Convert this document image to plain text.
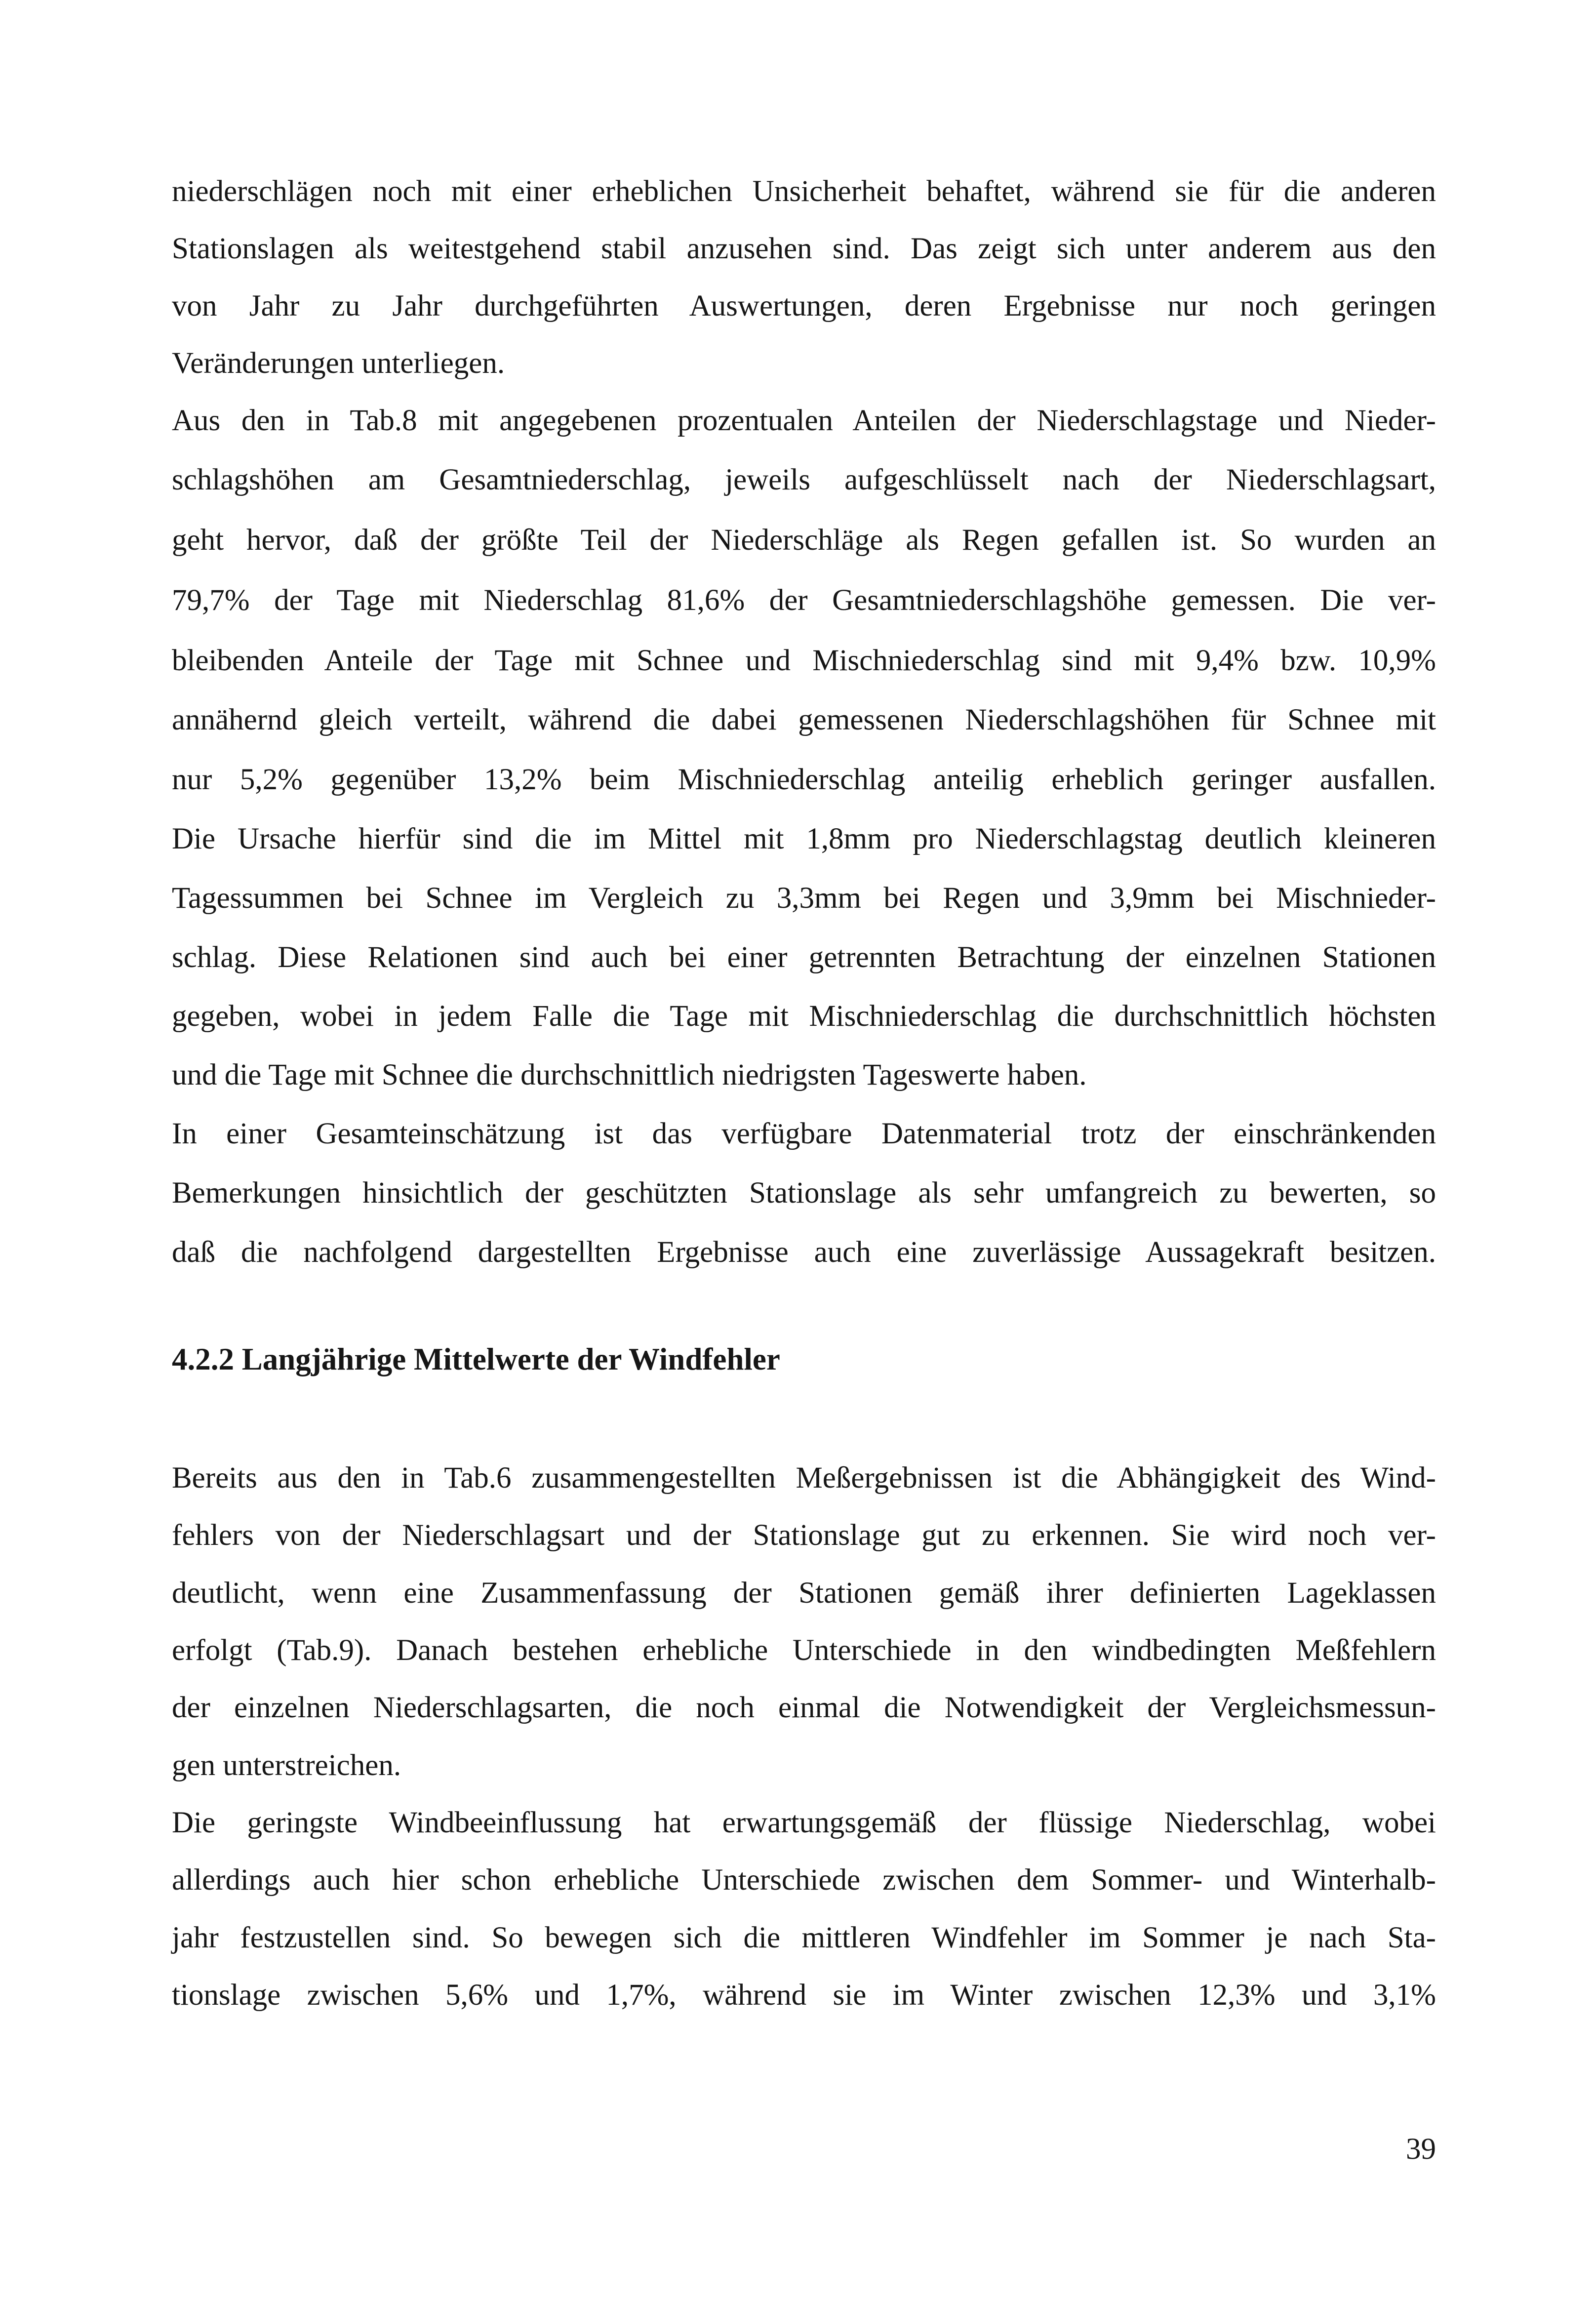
niederschlägen noch mit einer erheblichen Unsicherheit behaftet, während sie für die anderen
Stationslagen als weitestgehend stabil anzusehen sind. Das zeigt sich unter anderem aus den
von Jahr zu Jahr durchgeführten Auswertungen, deren Ergebnisse nur noch geringen
Veränderungen unterliegen.
Aus den in Tab.8 mit angegebenen prozentualen Anteilen der Niederschlagstage und Nieder-
schlagshöhen am Gesamtniederschlag, jeweils aufgeschlüsselt nach der Niederschlagsart,
geht hervor, daß der größte Teil der Niederschläge als Regen gefallen ist. So wurden an
79,7% der Tage mit Niederschlag 81,6% der Gesamtniederschlagshöhe gemessen. Die ver-
bleibenden Anteile der Tage mit Schnee und Mischniederschlag sind mit 9,4% bzw. 10,9%
annähernd gleich verteilt, während die dabei gemessenen Niederschlagshöhen für Schnee mit
nur 5,2% gegenüber 13,2% beim Mischniederschlag anteilig erheblich geringer ausfallen.
Die Ursache hierfür sind die im Mittel mit 1,8mm pro Niederschlagstag deutlich kleineren
Tagessummen bei Schnee im Vergleich zu 3,3mm bei Regen und 3,9mm bei Mischnieder-
schlag. Diese Relationen sind auch bei einer getrennten Betrachtung der einzelnen Stationen
gegeben, wobei in jedem Falle die Tage mit Mischniederschlag die durchschnittlich höchsten
und die Tage mit Schnee die durchschnittlich niedrigsten Tageswerte haben.
In einer Gesamteinschätzung ist das verfügbare Datenmaterial trotz der einschränkenden
Bemerkungen hinsichtlich der geschützten Stationslage als sehr umfangreich zu bewerten, so
daß die nachfolgend dargestellten Ergebnisse auch eine zuverlässige Aussagekraft besitzen.
4.2.2 Langjährige Mittelwerte der Windfehler
Bereits aus den in Tab.6 zusammengestellten Meßergebnissen ist die Abhängigkeit des Wind-
fehlers von der Niederschlagsart und der Stationslage gut zu erkennen. Sie wird noch ver-
deutlicht, wenn eine Zusammenfassung der Stationen gemäß ihrer definierten Lageklassen
erfolgt (Tab.9). Danach bestehen erhebliche Unterschiede in den windbedingten Meßfehlern
der einzelnen Niederschlagsarten, die noch einmal die Notwendigkeit der Vergleichsmessun-
gen unterstreichen.
Die geringste Windbeeinflussung hat erwartungsgemäß der flüssige Niederschlag, wobei
allerdings auch hier schon erhebliche Unterschiede zwischen dem Sommer- und Winterhalb-
jahr festzustellen sind. So bewegen sich die mittleren Windfehler im Sommer je nach Sta-
tionslage zwischen 5,6% und 1,7%, während sie im Winter zwischen 12,3% und 3,1%
39
